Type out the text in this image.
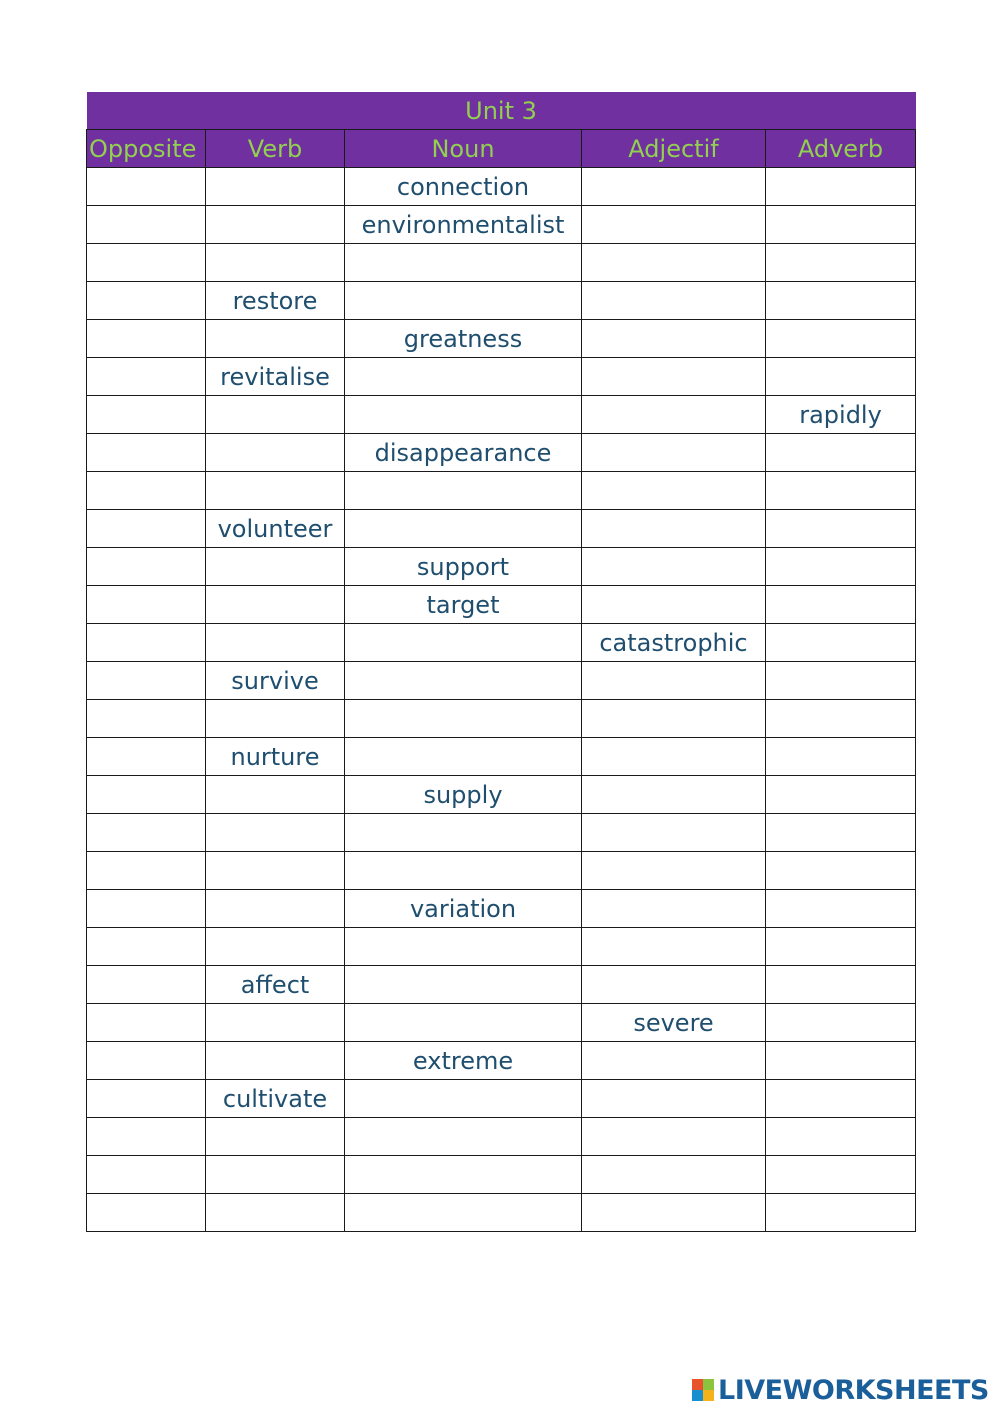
Unit 3				
Opposite	Verb	Noun	Adjectif	Adverb
		connection		
		environmentalist		

	restore			
		greatness		
	revitalise			
				rapidly
		disappearance		

	volunteer			
		support		
		target		
			catastrophic	
	survive			

	nurture			
		supply		

		variation		

	affect			
			severe	
		extreme		
	cultivate			

LIVEWORKSHEETS
